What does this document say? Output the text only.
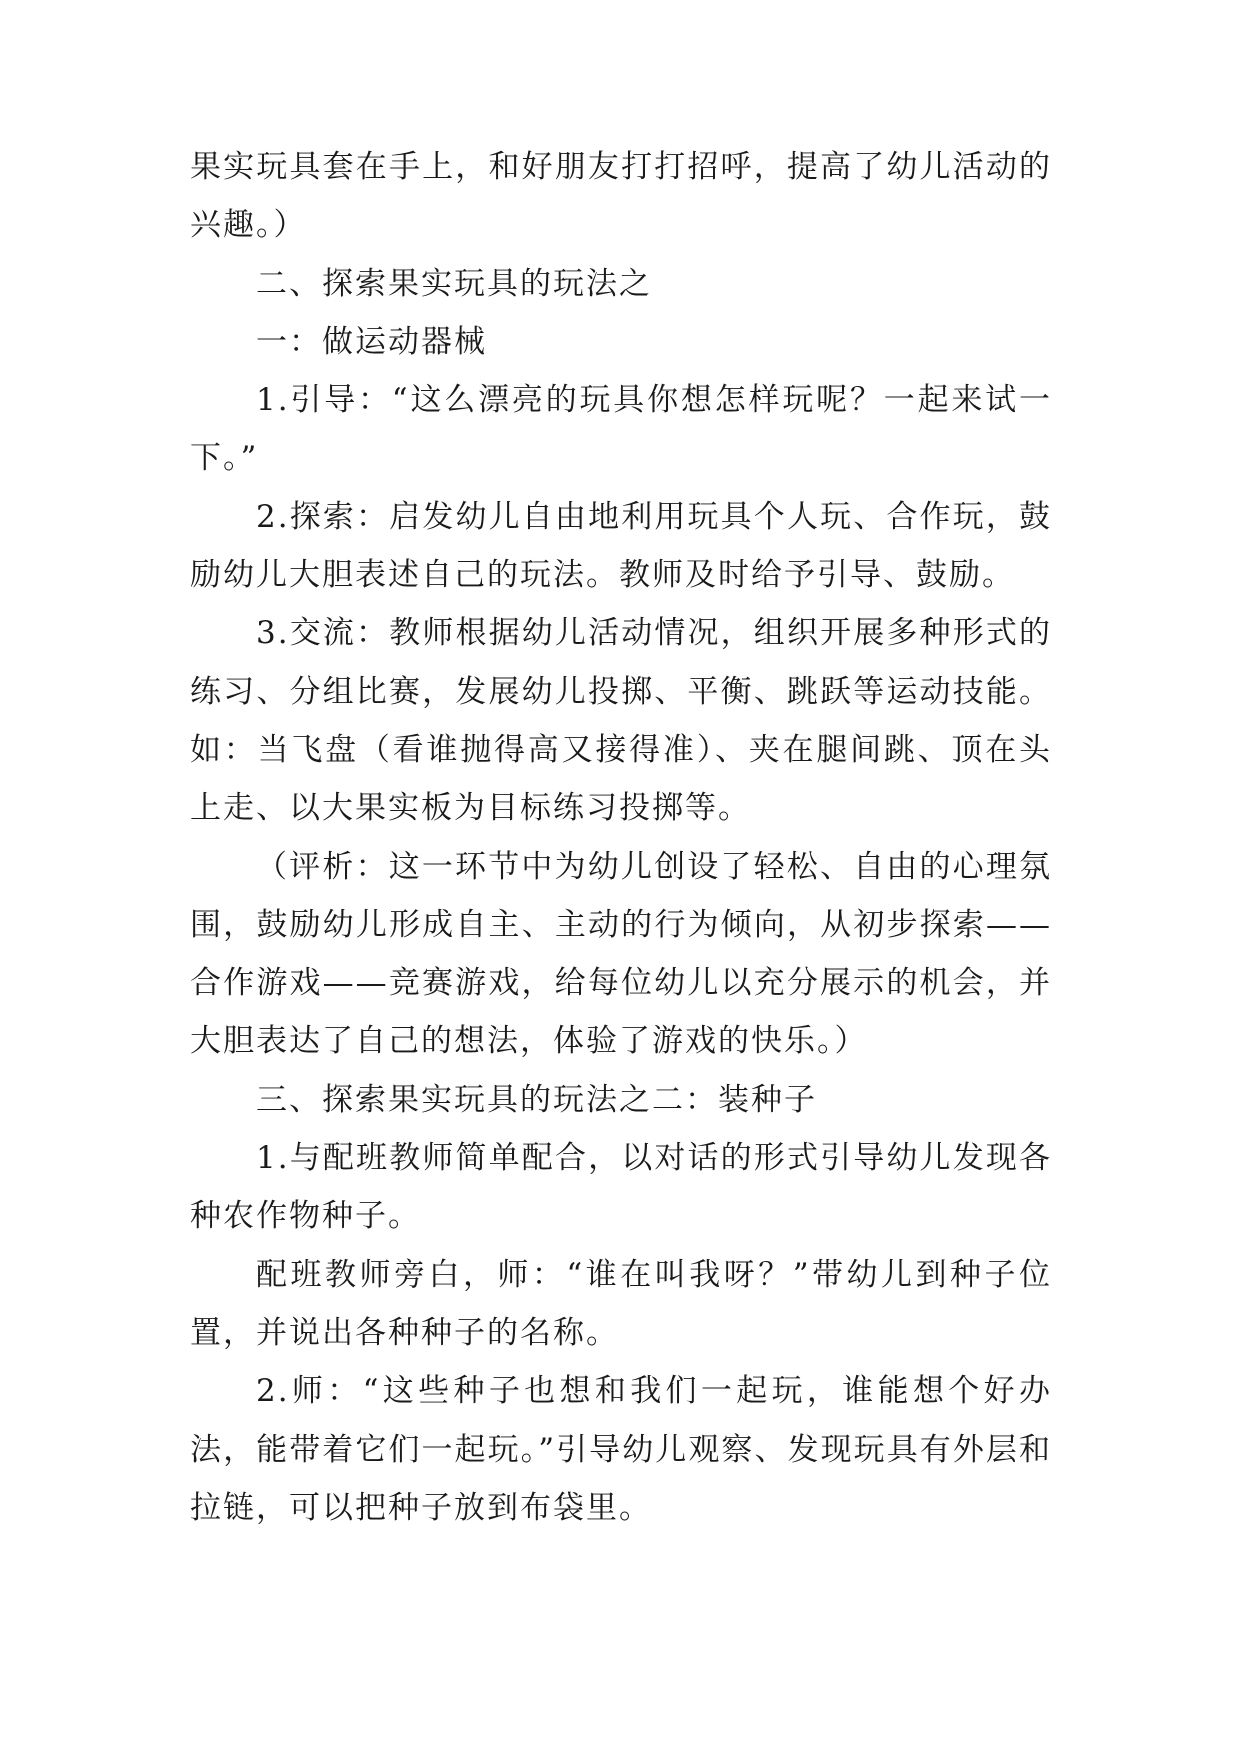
果实玩具套在手上，和好朋友打打招呼，提高了幼儿活动的兴趣。）

二、探索果实玩具的玩法之

一：做运动器械

1.引导：“这么漂亮的玩具你想怎样玩呢？一起来试一下。”

2.探索：启发幼儿自由地利用玩具个人玩、合作玩，鼓励幼儿大胆表述自己的玩法。教师及时给予引导、鼓励。

3.交流：教师根据幼儿活动情况，组织开展多种形式的练习、分组比赛，发展幼儿投掷、平衡、跳跃等运动技能。如：当飞盘（看谁抛得高又接得准）、夹在腿间跳、顶在头上走、以大果实板为目标练习投掷等。

（评析：这一环节中为幼儿创设了轻松、自由的心理氛围，鼓励幼儿形成自主、主动的行为倾向，从初步探索——合作游戏——竞赛游戏，给每位幼儿以充分展示的机会，并大胆表达了自己的想法，体验了游戏的快乐。）

三、探索果实玩具的玩法之二：装种子

1.与配班教师简单配合，以对话的形式引导幼儿发现各种农作物种子。

配班教师旁白，师：“谁在叫我呀？”带幼儿到种子位置，并说出各种种子的名称。

2.师：“这些种子也想和我们一起玩，谁能想个好办法，能带着它们一起玩。”引导幼儿观察、发现玩具有外层和拉链，可以把种子放到布袋里。
